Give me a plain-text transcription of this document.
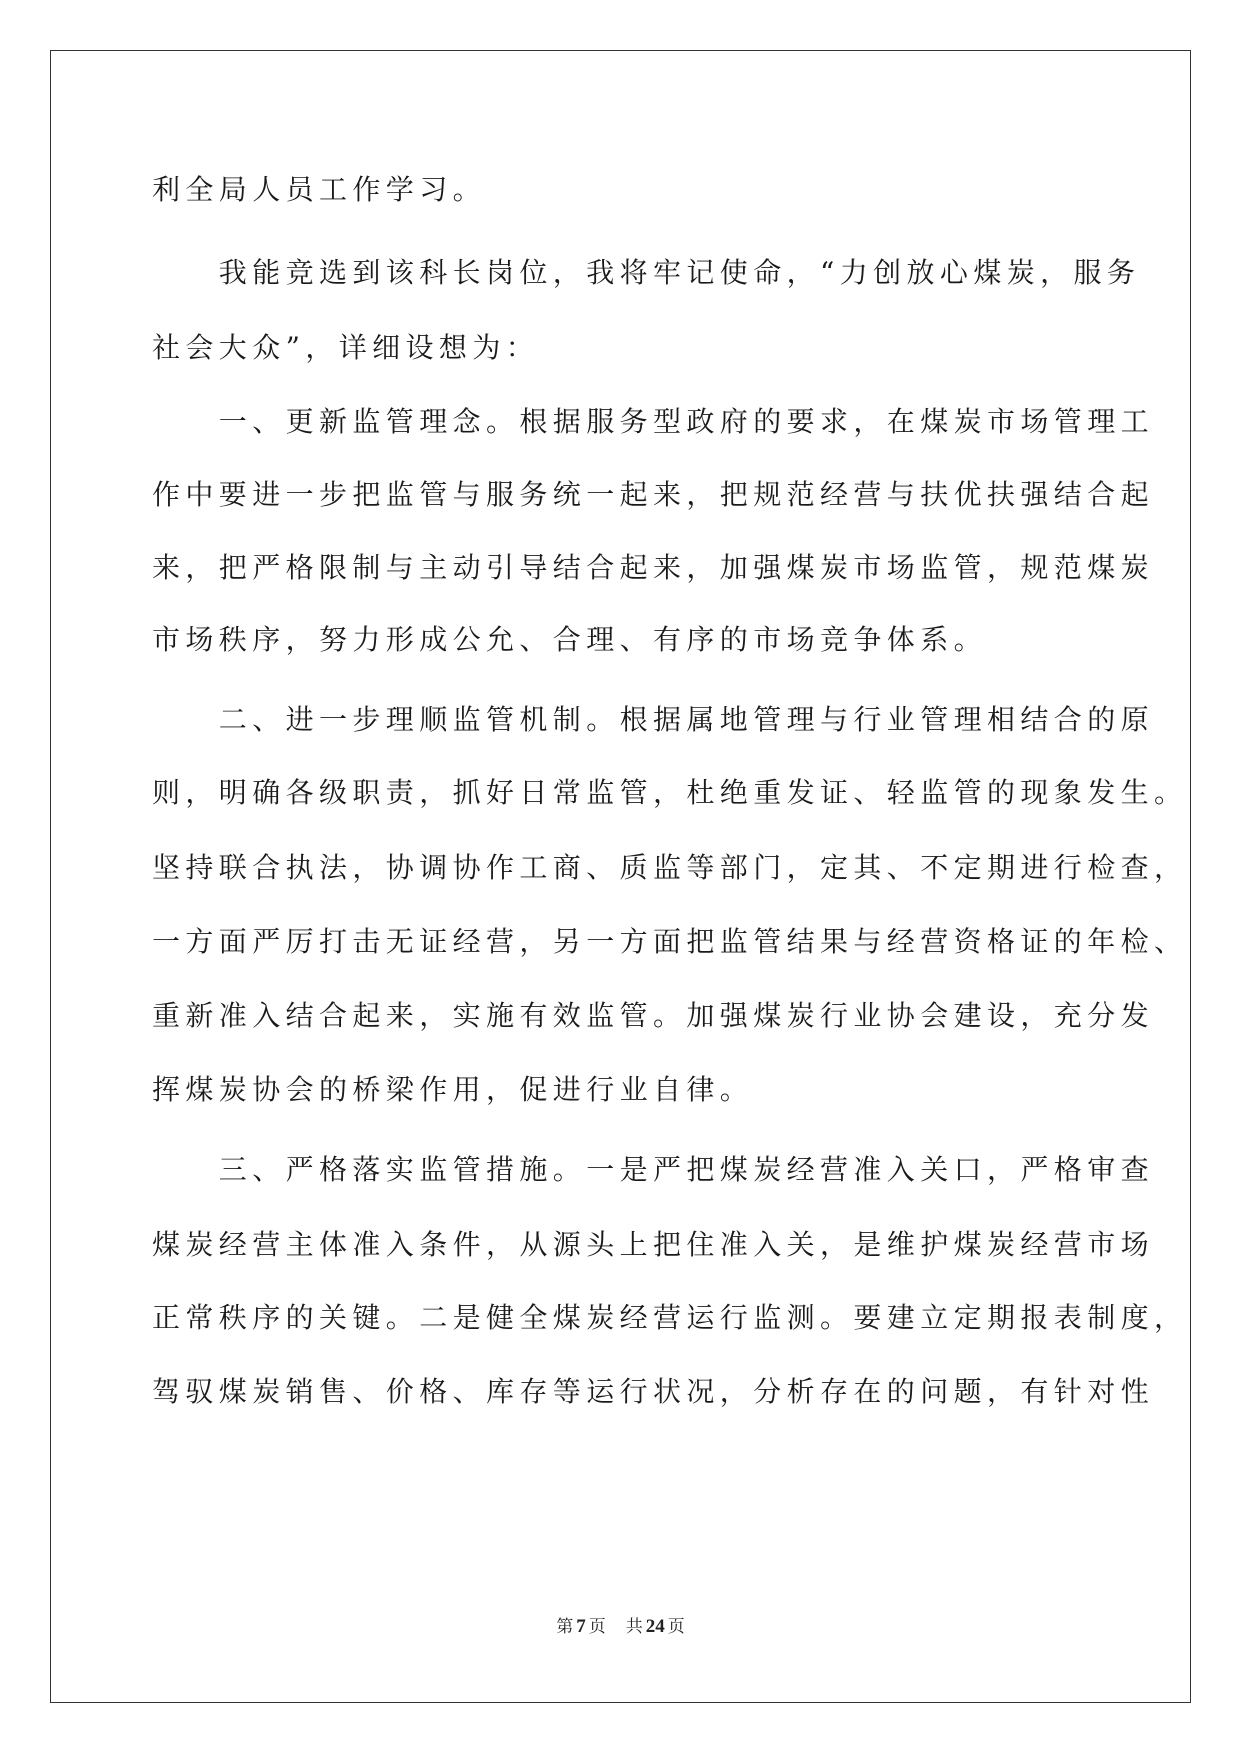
利全局人员工作学习。
　　我能竞选到该科长岗位，我将牢记使命，“力创放心煤炭，服务
社会大众”，详细设想为：
　　一、更新监管理念。根据服务型政府的要求，在煤炭市场管理工
作中要进一步把监管与服务统一起来，把规范经营与扶优扶强结合起
来，把严格限制与主动引导结合起来，加强煤炭市场监管，规范煤炭
市场秩序，努力形成公允、合理、有序的市场竞争体系。
　　二、进一步理顺监管机制。根据属地管理与行业管理相结合的原
则，明确各级职责，抓好日常监管，杜绝重发证、轻监管的现象发生。
坚持联合执法，协调协作工商、质监等部门，定其、不定期进行检查，
一方面严厉打击无证经营，另一方面把监管结果与经营资格证的年检、
重新准入结合起来，实施有效监管。加强煤炭行业协会建设，充分发
挥煤炭协会的桥梁作用，促进行业自律。
　　三、严格落实监管措施。一是严把煤炭经营准入关口，严格审查
煤炭经营主体准入条件，从源头上把住准入关，是维护煤炭经营市场
正常秩序的关键。二是健全煤炭经营运行监测。要建立定期报表制度，
驾驭煤炭销售、价格、库存等运行状况，分析存在的问题，有针对性
第 7 页 共 24 页
